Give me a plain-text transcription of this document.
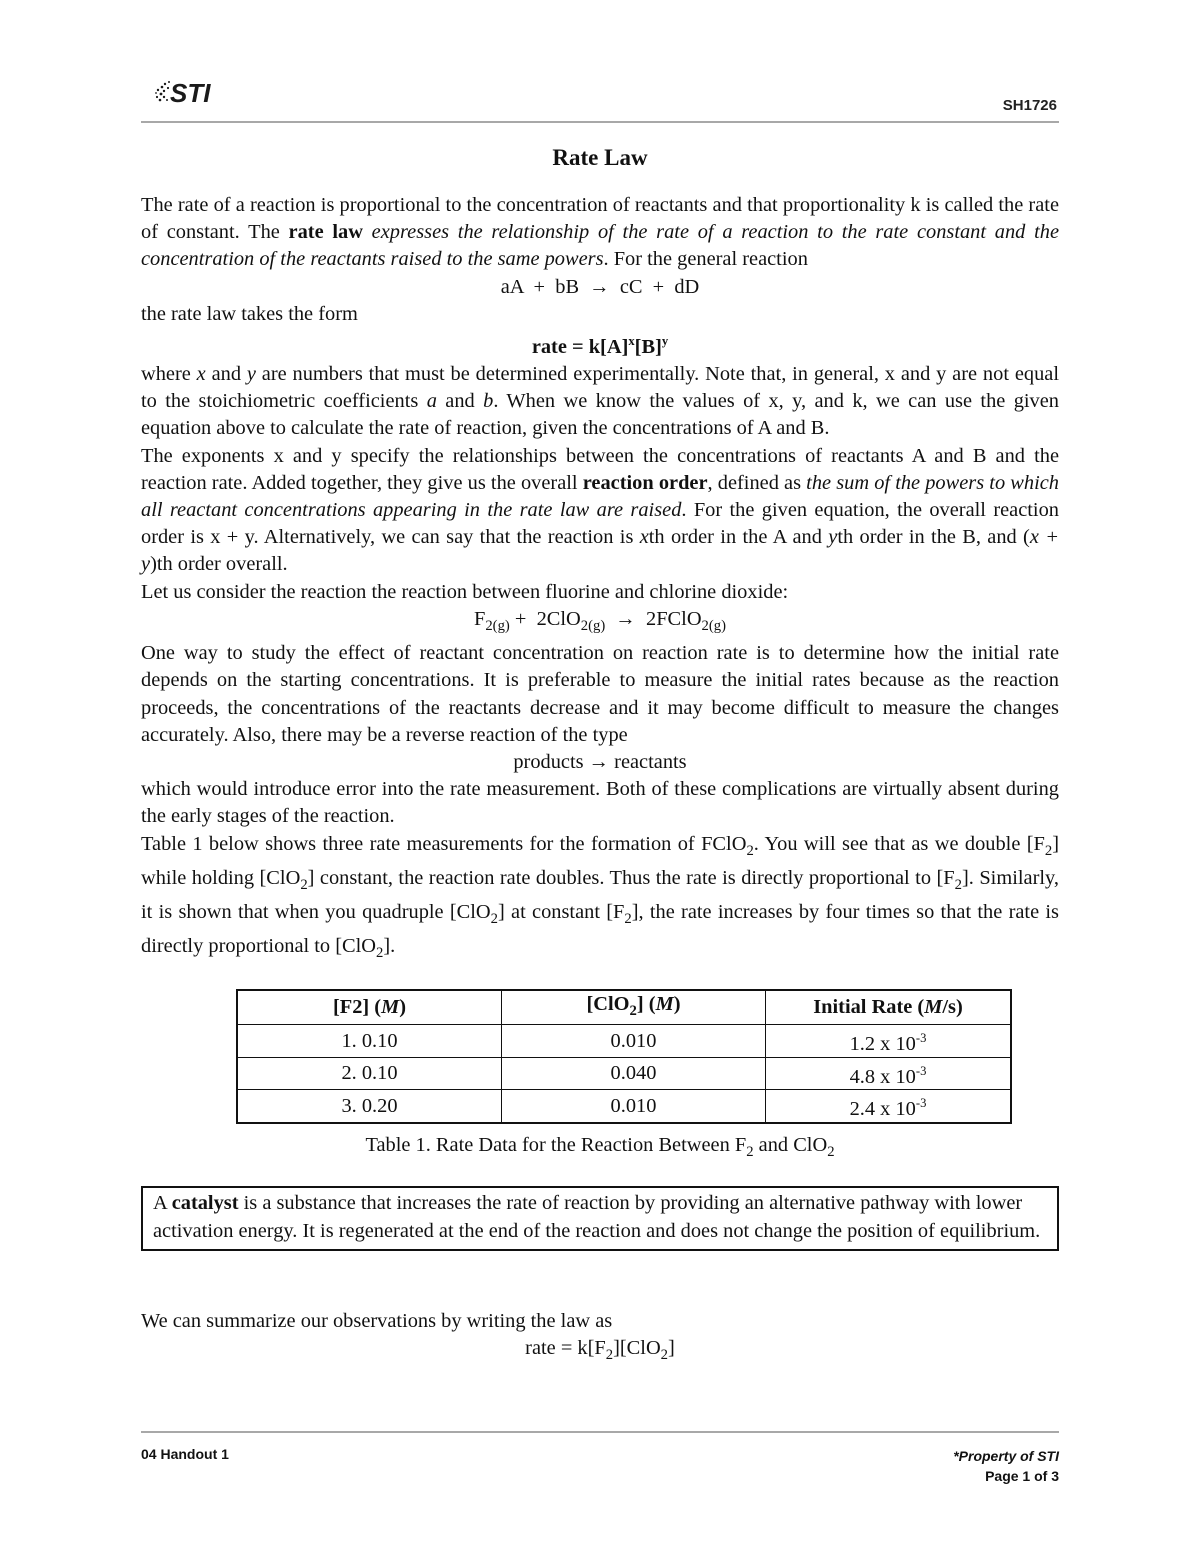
STI	SH1726
Rate Law

The rate of a reaction is proportional to the concentration of reactants and that proportionality k is called the rate of constant. The rate law expresses the relationship of the rate of a reaction to the rate constant and the concentration of the reactants raised to the same powers. For the general reaction

aA  +  bB  →  cC  +  dD

the rate law takes the form

rate = $k[A]^x[B]^y$

where x and y are numbers that must be determined experimentally. Note that, in general, x and y are not equal to the stoichiometric coefficients a and b. When we know the values of x, y, and k, we can use the given equation above to calculate the rate of reaction, given the concentrations of A and B.

The exponents x and y specify the relationships between the concentrations of reactants A and B and the reaction rate. Added together, they give us the overall reaction order, defined as the sum of the powers to which all reactant concentrations appearing in the rate law are raised. For the given equation, the overall reaction order is x + y. Alternatively, we can say that the reaction is xth order in the A and yth order in the B, and (x + y)th order overall.

Let us consider the reaction the reaction between fluorine and chlorine dioxide:

$F_{2(g)} + 2ClO_{2(g)}$  →  2FClO$_{2(g)}$

One way to study the effect of reactant concentration on reaction rate is to determine how the initial rate depends on the starting concentrations. It is preferable to measure the initial rates because as the reaction proceeds, the concentrations of the reactants decrease and it may become difficult to measure the changes accurately. Also, there may be a reverse reaction of the type

products → reactants

which would introduce error into the rate measurement. Both of these complications are virtually absent during the early stages of the reaction.

Table 1 below shows three rate measurements for the formation of FClO$_2$. You will see that as we double $[F_2]$ while holding [ClO$_2$] constant, the reaction rate doubles. Thus the rate is directly proportional to $[F_2]$. Similarly, it is shown that when you quadruple [ClO$_2$] at constant $[F_2]$, the rate increases by four times so that the rate is directly proportional to [ClO$_2$].

[F2] (M)	[ClO$_2$] (M)	Initial Rate (M/s)
1. 0.10	0.010	1.2 x $10^{-3}$
2. 0.10	0.040	4.8 x $10^{-3}$
3. 0.20	0.010	2.4 x $10^{-3}$

Table 1. Rate Data for the Reaction Between $F_2$ and ClO$_2$

A catalyst is a substance that increases the rate of reaction by providing an alternative pathway with lower activation energy. It is regenerated at the end of the reaction and does not change the position of equilibrium.

We can summarize our observations by writing the law as

rate = $k[F_2][ClO_2]$

04 Handout 1	*Property of STI
Page 1 of 3
